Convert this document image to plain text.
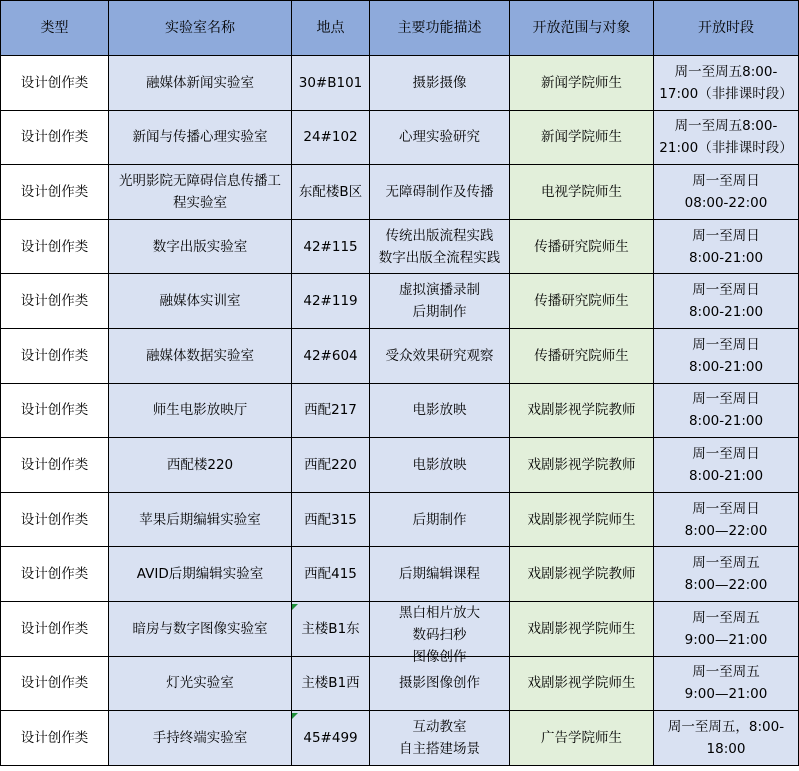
类型	实验室名称	地点	主要功能描述	开放范围与对象	开放时段
设计创作类	融媒体新闻实验室	30#B101	摄影摄像	新闻学院师生	周一至周五8:00-
17:00（非排课时段）

设计创作类	新闻与传播心理实验室	24#102	心理实验研究	新闻学院师生	周一至周五8:00-
21:00（非排课时段）

设计创作类	光明影院无障碍信息传播工
程实验室	东配楼B区	无障碍制作及传播	电视学院师生	周一至周日
08:00-22:00

设计创作类	数字出版实验室	42#115	传统出版流程实践
数字出版全流程实践	传播研究院师生	周一至周日
8:00-21:00

设计创作类	融媒体实训室	42#119	虚拟演播录制
后期制作	传播研究院师生	周一至周日
8:00-21:00

设计创作类	融媒体数据实验室	42#604	受众效果研究观察	传播研究院师生	周一至周日
8:00-21:00

设计创作类	师生电影放映厅	西配217	电影放映	戏剧影视学院教师	周一至周日
8:00-21:00

设计创作类	西配楼220	西配220	电影放映	戏剧影视学院教师	周一至周日
8:00-21:00

设计创作类	苹果后期编辑实验室	西配315	后期制作	戏剧影视学院师生	周一至周日
8:00—22:00

设计创作类	AVID后期编辑实验室	西配415	后期编辑课程	戏剧影视学院教师	周一至周五
8:00—22:00

设计创作类	暗房与数字图像实验室	主楼B1东	黑白相片放大
数码扫秒
图像创作	戏剧影视学院师生	周一至周五
9:00—21:00

设计创作类	灯光实验室	主楼B1西	摄影图像创作	戏剧影视学院师生	周一至周五
9:00—21:00

设计创作类	手持终端实验室	45#499	互动教室
自主搭建场景	广告学院师生	周一至周五，8:00-
18:00
